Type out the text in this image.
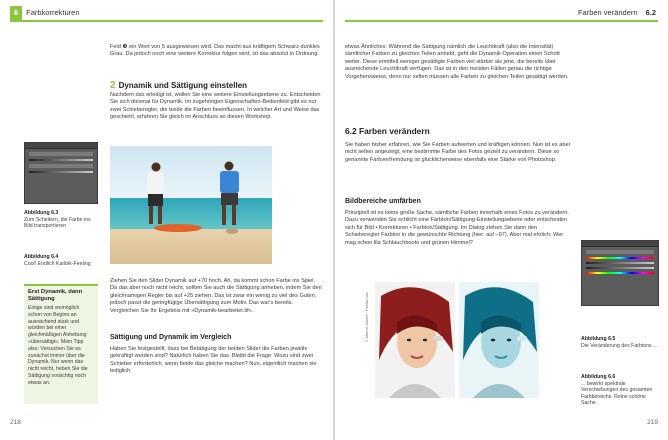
6 Farbkorrekturen
Feld ❸ ein Wert von 5 ausgewiesen wird. Das macht aus kräftigem Schwarz dunkles Grau. Da jedoch noch eine weitere Korrektur folgen wird, ist das absolut in Ordnung.
2 Dynamik und Sättigung einstellen
Nachdem das erledigt ist, wollen Sie eine weitere Einstellungsebene zu. Entscheiden Sie sich diesmal für Dynamik. Im zugehörigen Eigenschaften-Bedienfeld gibt es nur zwei Schieberegler, die beide die Farben beeinflussen. In welcher Art und Weise das geschieht, erfahren Sie gleich im Anschluss an diesen Workshop.
Abbildung 6.3
Zum Scheitern, die Farbe ins Bild transportieren
Abbildung 6.4
Cool! Endlich Karibik-Feeling
Ziehen Sie den Slider Dynamik auf +70 hoch. Ah, da kommt schon Farbe ins Spiel. Da das aber noch nicht reicht, sollten Sie auch die Sättigung anheben, indem Sie den gleichnamigen Regler bis auf +25 ziehen. Das ist zwar ein wenig zu viel des Guten, jedoch passt die geringfügige Übersättigung zum Motiv. Das war's bereits. Vergleichen Sie Ihr Ergebnis mit »Dynamik-bearbeitet.tif«.
Sättigung und Dynamik im Vergleich
Haben Sie festgestellt, dass bei Betätigung der beiden Slider die Farben jeweils gekräftigt wurden sind? Natürlich haben Sie das. Bleibt die Frage: Wozu sind zwei Schieber erforderlich, wenn beide das gleiche machen? Nun, eigentlich machen sie lediglich
Erst Dynamik, dann Sättigung
Einige sind womöglich schon von Beginn an ausreichend stark und würden bei einer gleichmäßigen Anhebung »übersättigt«. Mein Tipp also: Versuchen Sie es zunächst immer über die Dynamik. Nur wenn das nicht reicht, heben Sie die Sättigung vorsichtig noch etwas an.
218
Farben verändern 6.2
etwas Ähnliches. Während die Sättigung nämlich die Leuchtkraft (also die Intensität) sämtlicher Farben zu gleichen Teilen anhebt, geht die Dynamik-Operation einen Schritt weiter. Diese ermittelt weniger gesättigte Farben viel stärker als jene, die bereits über ausreichende Leuchtkraft verfügen. Das ist in den meisten Fällen genau die richtige Vorgehensweise, denn nur selten müssen alle Farben zu gleichen Teilen gesättigt werden.
6.2 Farben verändern
Sie haben bisher erfahren, wie Sie Farben aufwerten und kräftigen können. Nun ist es aber nicht selten angezeigt, eine bestimmte Farbe des Fotos gezielt zu verändern. Diese so genannte Farbverfremdung ist glücklicherweise ebenfalls eine Stärke von Photoshop.
Bildbereiche umfärben
Prinzipiell ist es keine große Sache, sämtliche Farben innerhalb eines Fotos zu verändern. Dazu verwenden Sie schlicht eine Farbton/Sättigung-Einstellungsebene oder entscheiden sich für Bild • Korrekturen • Farbton/Sättigung. Im Dialog ziehen Sie dann den Schieberegler Farbton in die gewünschte Richtung (hier: auf –97). Aber mal ehrlich: Wer mag schon lila Schlauchboote und grünen Himmel?
© Marcel Valcier / Fotolia.com	Abbildung 6.5
Die Veränderung des Farbtons ...
Abbildung 6.6
... bewirkt spektrale Verschiebungen des gesamten Farbbereichs. Reine schöne Sache.
219
